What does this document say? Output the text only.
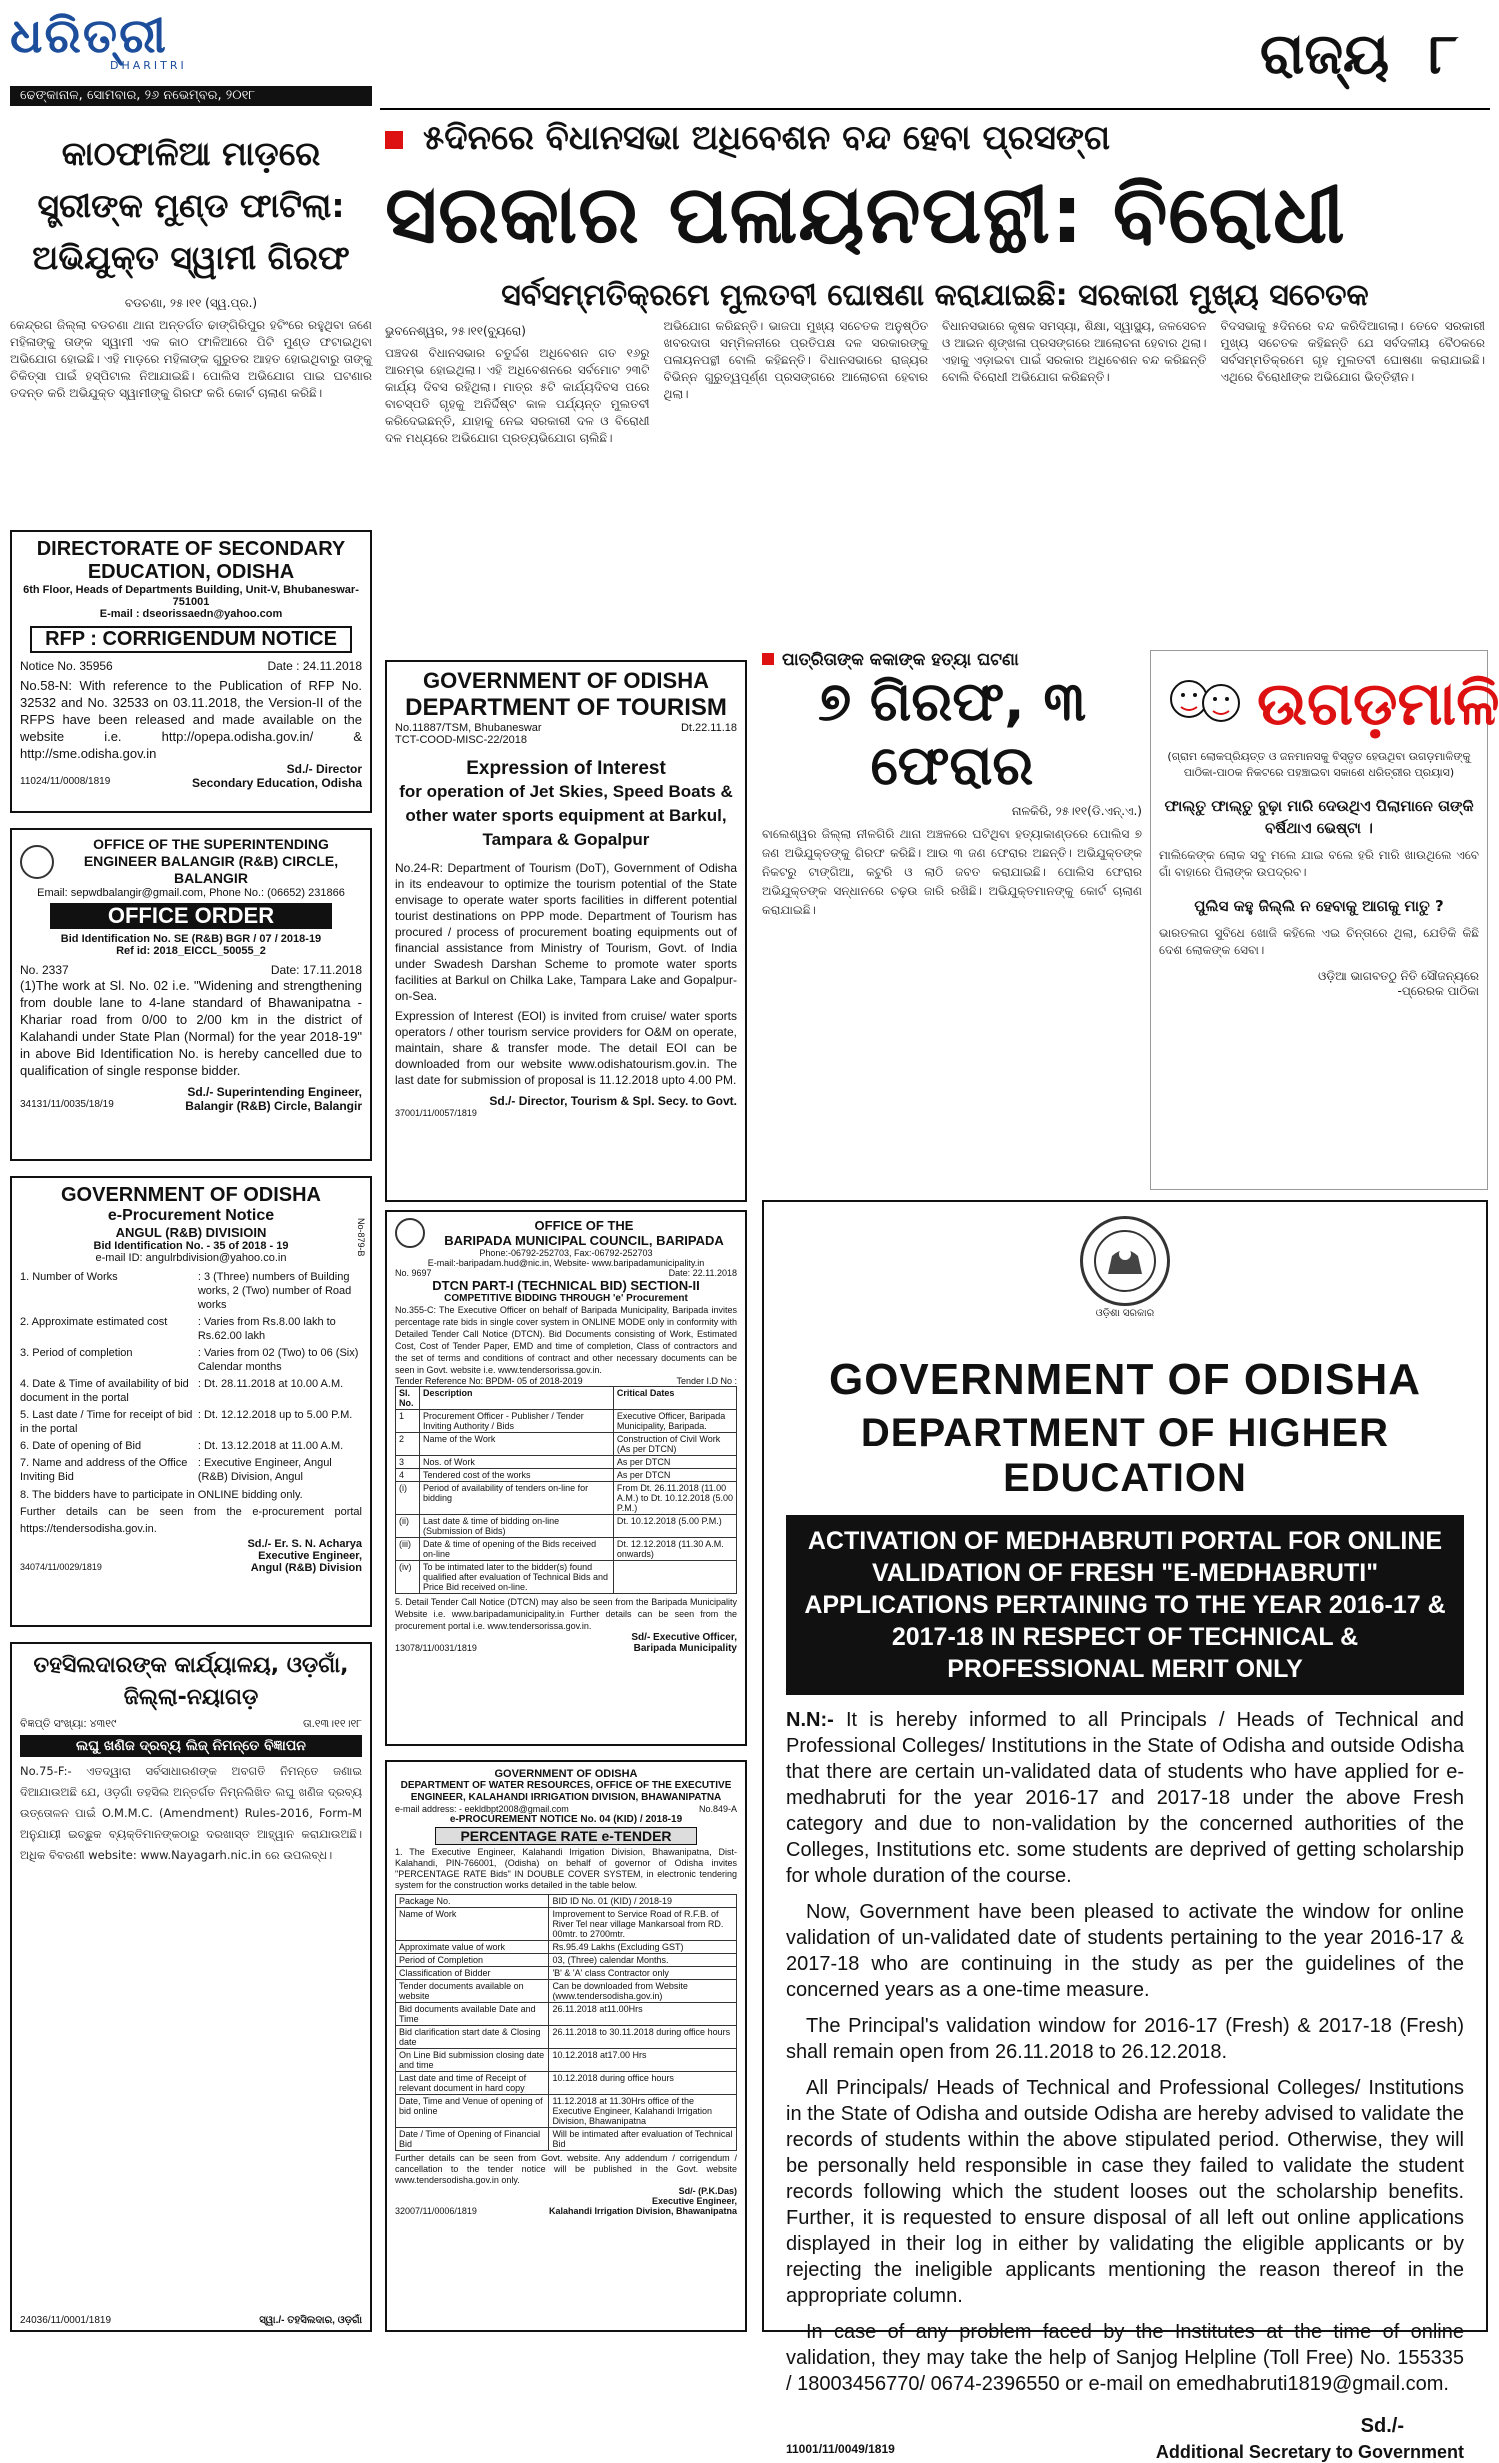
ଧରିତ୍ରୀ
DHARITRI
ଢେଙ୍କାନାଳ, ସୋମବାର, ୨୬ ନଭେମ୍ବର, ୨୦୧୮
ରାଜ୍ୟ ୮
କାଠଫାଳିଆ ମାଡ଼ରେ ସ୍ତ୍ରୀଙ୍କ ମୁଣ୍ଡ ଫାଟିଲା: ଅଭିଯୁକ୍ତ ସ୍ୱାମୀ ଗିରଫ
ବଡଚଣା, ୨୫।୧୧ (ସ୍ୱ.ପ୍ର.)
କେନ୍ଦ୍ରଗ ଜିଲ୍ଲା ବଡଚଣା ଥାନା ଅନ୍ତର୍ଗତ ଢାଙ୍ଗିରିପୁର ହଟିଂରେ ରହୁଥିବା ଜଣେ ମହିଳାଙ୍କୁ ତାଙ୍କ ସ୍ୱାମୀ ଏକ କାଠ ଫାଳିଆରେ ପିଟି ମୁଣ୍ଡ ଫଟାଇଥିବା ଅଭିଯୋଗ ହୋଇଛି। ଏହି ମାଡ଼ରେ ମହିଳାଙ୍କ ଗୁରୁତର ଆହତ ହୋଇଥିବାରୁ ତାଙ୍କୁ ଚିକିତ୍ସା ପାଇଁ ହସ୍ପିଟାଲ ନିଆଯାଇଛି। ପୋଲିସ ଅଭିଯୋଗ ପାଇ ଘଟଣାର ତଦନ୍ତ କରି ଅଭିଯୁକ୍ତ ସ୍ୱାମୀଙ୍କୁ ଗିରଫ କରି କୋର୍ଟ ଚାଲାଣ କରିଛି।
DIRECTORATE OF SECONDARY EDUCATION, ODISHA
6th Floor, Heads of Departments Building, Unit-V, Bhubaneswar-751001
E-mail : dseorissaedn@yahoo.com
RFP : CORRIGENDUM NOTICE
Notice No. 35956	Date : 24.11.2018
No.58-N: With reference to the Publication of RFP No. 32532 and No. 32533 on 03.11.2018, the Version-II of the RFPS have been released and made available on the website i.e. http://opepa.odisha.gov.in/ & http://sme.odisha.gov.in
Sd./- Director
11024/11/0008/1819	Secondary Education, Odisha
OFFICE OF THE SUPERINTENDING ENGINEER BALANGIR (R&B) CIRCLE, BALANGIR
Email: sepwdbalangir@gmail.com, Phone No.: (06652) 231866
OFFICE ORDER
Bid Identification No. SE (R&B) BGR / 07 / 2018-19
Ref id: 2018_EICCL_50055_2
No. 2337	Date: 17.11.2018
(1)The work at Sl. No. 02 i.e. "Widening and strengthening from double lane to 4-lane standard of Bhawanipatna - Khariar road from 0/00 to 2/00 km in the district of Kalahandi under State Plan (Normal) for the year 2018-19" in above Bid Identification No. is hereby cancelled due to qualification of single response bidder.
Sd./- Superintending Engineer,
34131/11/0035/18/19	Balangir (R&B) Circle, Balangir
GOVERNMENT OF ODISHA
e-Procurement Notice
ANGUL (R&B) DIVISIOIN
Bid Identification No. - 35 of 2018 - 19
e-mail ID: angulrbdivision@yahoo.co.in
No-879-B
1. Number of Works	: 3 (Three) numbers of Building works, 2 (Two) number of Road works
2. Approximate estimated cost	: Varies from Rs.8.00 lakh to Rs.62.00 lakh
3. Period of completion	: Varies from 02 (Two) to 06 (Six) Calendar months
4. Date & Time of availability of bid document in the portal
: Dt. 28.11.2018 at 10.00 A.M.
5. Last date / Time for receipt of bid in the portal
: Dt. 12.12.2018 up to 5.00 P.M.
6. Date of opening of Bid	: Dt. 13.12.2018 at 11.00 A.M.
7. Name and address of the Office Inviting Bid
: Executive Engineer, Angul (R&B) Division, Angul
8. The bidders have to participate in ONLINE bidding only.
Further details can be seen from the e-procurement portal https://tendersodisha.gov.in.
Sd./- Er. S. N. Acharya
Executive Engineer,
34074/11/0029/1819	Angul (R&B) Division
ତହସିଲଦାରଙ୍କ କାର୍ଯ୍ୟାଳୟ, ଓଡ଼ଗାଁ, ଜିଲ୍ଲା-ନୟାଗଡ଼
ବିଜ୍ଞପ୍ତି ସଂଖ୍ୟା: ୪୩୧୯	ତା.୧୩।୧୧।୧୮
ଲଘୁ ଖଣିଜ ଦ୍ରବ୍ୟ ଲିଜ୍ ନିମନ୍ତେ ବିଜ୍ଞାପନ
No.75-F:- ଏତଦ୍ୱାରା ସର୍ବସାଧାରଣଙ୍କ ଅବଗତି ନିମନ୍ତେ ଜଣାଇ ଦିଆଯାଉଅଛି ଯେ, ଓଡ଼ଗାଁ ତହସିଲ ଅନ୍ତର୍ଗତ ନିମ୍ନଲିଖିତ ଲଘୁ ଖଣିଜ ଦ୍ରବ୍ୟ ଉତ୍ତୋଳନ ପାଇଁ O.M.M.C. (Amendment) Rules-2016, Form-M ଅନୁଯାୟୀ ଇଚ୍ଛୁକ ବ୍ୟକ୍ତିମାନଙ୍କଠାରୁ ଦରଖାସ୍ତ ଆହ୍ୱାନ କରାଯାଉଅଛି। ଅଧିକ ବିବରଣୀ website: www.Nayagarh.nic.in ରେ ଉପଲବ୍ଧ।
24036/11/0001/1819	ସ୍ୱା./- ତହସିଲଦାର, ଓଡ଼ଗାଁ
୫ଦିନରେ ବିଧାନସଭା ଅଧିବେଶନ ବନ୍ଦ ହେବା ପ୍ରସଙ୍ଗ
ସରକାର ପଳାୟନପନ୍ଥୀ: ବିରୋଧୀ
ସର୍ବସମ୍ମତିକ୍ରମେ ମୁଲତବୀ ଘୋଷଣା କରାଯାଇଛି: ସରକାରୀ ମୁଖ୍ୟ ସଚେତକ
ଭୁବନେଶ୍ୱର, ୨୫।୧୧(ବ୍ୟୁରୋ)
ପଞ୍ଚଦଶ ବିଧାନସଭାର ଚତୁର୍ଦ୍ଦଶ ଅଧିବେଶନ ଗତ ୧୬ରୁ ଆରମ୍ଭ ହୋଇଥିଲା। ଏହି ଅଧିବେଶନରେ ସର୍ବମୋଟ ୨୩ଟି କାର୍ଯ୍ୟ ଦିବସ ରହିଥିଲା। ମାତ୍ର ୫ଟି କାର୍ଯ୍ୟଦିବସ ପରେ ବାଚସ୍ପତି ଗୃହକୁ ଅନିର୍ଦ୍ଦିଷ୍ଟ କାଳ ପର୍ଯ୍ୟନ୍ତ ମୁଲତବୀ କରିଦେଇଛନ୍ତି, ଯାହାକୁ ନେଇ ସରକାରୀ ଦଳ ଓ ବିରୋଧୀ ଦଳ ମଧ୍ୟରେ ଅଭିଯୋଗ ପ୍ରତ୍ୟଭିଯୋଗ ଚାଲିଛି।
ଅଭିଯୋଗ କରିଛନ୍ତି। ଭାଜପା ମୁଖ୍ୟ ସଚେତକ ଅନୁଷ୍ଠିତ ଖବରଦାତା ସମ୍ମିଳନୀରେ ପ୍ରତିପକ୍ଷ ଦଳ ସରକାରଙ୍କୁ ପଳାୟନପନ୍ଥୀ ବୋଲି କହିଛନ୍ତି। ବିଧାନସଭାରେ ରାଜ୍ୟର ବିଭିନ୍ନ ଗୁରୁତ୍ୱପୂର୍ଣ୍ଣ ପ୍ରସଙ୍ଗରେ ଆଲୋଚନା ହେବାର ଥିଲା।
ବିଧାନସଭାରେ କୃଷକ ସମସ୍ୟା, ଶିକ୍ଷା, ସ୍ୱାସ୍ଥ୍ୟ, ଜଳସେଚନ ଓ ଆଇନ ଶୃଙ୍ଖଳା ପ୍ରସଙ୍ଗରେ ଆଲୋଚନା ହେବାର ଥିଲା। ଏହାକୁ ଏଡ଼ାଇବା ପାଇଁ ସରକାର ଅଧିବେଶନ ବନ୍ଦ କରିଛନ୍ତି ବୋଲି ବିରୋଧୀ ଅଭିଯୋଗ କରିଛନ୍ତି।
ବିଦସଭାକୁ ୫ଦିନରେ ବନ୍ଦ କରିଦିଆଗଲା। ତେବେ ସରକାରୀ ମୁଖ୍ୟ ସଚେତକ କହିଛନ୍ତି ଯେ ସର୍ବଦଳୀୟ ବୈଠକରେ ସର୍ବସମ୍ମତିକ୍ରମେ ଗୃହ ମୁଲତବୀ ଘୋଷଣା କରାଯାଇଛି। ଏଥିରେ ବିରୋଧୀଙ୍କ ଅଭିଯୋଗ ଭିତ୍ତିହୀନ।
GOVERNMENT OF ODISHA
DEPARTMENT OF TOURISM
No.11887/TSM, Bhubaneswar	Dt.22.11.18
TCT-COOD-MISC-22/2018
Expression of Interest
for operation of Jet Skies, Speed Boats & other water sports equipment at Barkul, Tampara & Gopalpur
No.24-R: Department of Tourism (DoT), Government of Odisha in its endeavour to optimize the tourism potential of the State envisage to operate water sports facilities in different potential tourist destinations on PPP mode. Department of Tourism has procured / process of procurement boating equipments out of financial assistance from Ministry of Tourism, Govt. of India under Swadesh Darshan Scheme to promote water sports facilities at Barkul on Chilka Lake, Tampara Lake and Gopalpur-on-Sea.
Expression of Interest (EOI) is invited from cruise/ water sports operators / other tourism service providers for O&M on operate, maintain, share & transfer mode. The detail EOI can be downloaded from our website www.odishatourism.gov.in. The last date for submission of proposal is 11.12.2018 upto 4.00 PM.
Sd./- Director, Tourism & Spl. Secy. to Govt.
37001/11/0057/1819
ପାତ୍ରିତାଙ୍କ କକାଙ୍କ ହତ୍ୟା ଘଟଣା
୭ ଗିରଫ, ୩ ଫେରାର
ନାଳକିରି, ୨୫।୧୧(ଡି.ଏନ୍.ଏ.)
ବାଲେଶ୍ୱର ଜିଲ୍ଲା ନୀଳଗିରି ଥାନା ଅଞ୍ଚଳରେ ଘଟିଥିବା ହତ୍ୟାକାଣ୍ଡରେ ପୋଲିସ ୭ ଜଣ ଅଭିଯୁକ୍ତଙ୍କୁ ଗିରଫ କରିଛି। ଆଉ ୩ ଜଣ ଫେରାର ଅଛନ୍ତି। ଅଭିଯୁକ୍ତଙ୍କ ନିକଟରୁ ଟାଙ୍ଗିଆ, କଟୁରି ଓ ଲାଠି ଜବତ କରାଯାଇଛି। ପୋଲିସ ଫେରାର ଅଭିଯୁକ୍ତଙ୍କ ସନ୍ଧାନରେ ଚଢ଼ଉ ଜାରି ରଖିଛି। ଅଭିଯୁକ୍ତମାନଙ୍କୁ କୋର୍ଟ ଚାଲାଣ କରାଯାଇଛି।
ଉଗଡ଼ମାଳି
(ଗ୍ରାମ ଲୋକପ୍ରିୟତ୍ତ ଓ ଜନମାନସକୁ ବିସ୍ତୃତ ହେଉଥିବା ଉଗଡ଼ମାଳିଙ୍କୁ ପାଠିକା-ପାଠକ ନିକଟରେ ପହଞ୍ଚାଇବା ସକାଶେ ଧରିତ୍ରୀର ପ୍ରୟାସ)
ଫାଲ୍‌ତୁ ଫାଲ୍‌ତୁ ବୁଢ଼ା ମାରି ଦେଉଥିଏ ପିଲାମାନେ ତାଙ୍କି ବର୍ଷିଥାଏ ଭେଷ୍ଟା ।
ମାଲିକେଙ୍କ ଲୋକ ସବୁ ମଲେ ଯାଇ ବଲେ ହରି ମାରି ଖାଉଥିଲେ ଏବେ ଗାଁ ବାହାରେ ପିଲାଙ୍କ ଉପଦ୍ରବ।
ପୁଲିସ କହୁ ଜିଲ୍ଲି ନ ହେବାକୁ ଆଗକୁ ମାତୁ ?
ଭାରତଲଗ ସୁବିଧେ ଖୋଜି କହିଲେ ଏଇ ଚିନ୍ତାରେ ଥିଲା, ଯେତିକି କିଛି ଦେଶ ଲୋକଙ୍କ ସେବା।
ଓଡ଼ିଆ ଭାଗବତଠୁ ନିତି ସୌଜନ୍ୟରେ
-ପ୍ରେରକ ପାଠିକା
OFFICE OF THE
BARIPADA MUNICIPAL COUNCIL, BARIPADA
Phone:-06792-252703, Fax:-06792-252703
E-mail:-baripadam.hud@nic.in, Website- www.baripadamunicipality.in
No. 9697	Date: 22.11.2018
DTCN PART-I (TECHNICAL BID) SECTION-II
COMPETITIVE BIDDING THROUGH 'e' Procurement
No.355-C: The Executive Officer on behalf of Baripada Municipality, Baripada invites percentage rate bids in single cover system in ONLINE MODE only in conformity with Detailed Tender Call Notice (DTCN). Bid Documents consisting of Work, Estimated Cost, Cost of Tender Paper, EMD and time of completion, Class of contractors and the set of terms and conditions of contract and other necessary documents can be seen in Govt. website i.e. www.tendersorissa.gov.in.
Tender Reference No: BPDM- 05 of 2018-2019	Tender I.D No :
Sl. No.	Description	Critical Dates
1	Procurement Officer - Publisher / Tender Inviting Authority / Bids	Executive Officer, Baripada Municipality, Baripada.
2	Name of the Work	Construction of Civil Work (As per DTCN)
3	Nos. of Work	As per DTCN
4	Tendered cost of the works	As per DTCN
(i)	Period of availability of tenders on-line for bidding	From Dt. 26.11.2018 (11.00 A.M.) to Dt. 10.12.2018 (5.00 P.M.)
(ii)	Last date & time of bidding on-line (Submission of Bids)	Dt. 10.12.2018 (5.00 P.M.)
(iii)	Date & time of opening of the Bids received on-line	Dt. 12.12.2018 (11.30 A.M. onwards)
(iv)	To be intimated later to the bidder(s) found qualified after evaluation of Technical Bids and Price Bid received on-line.	
5. Detail Tender Call Notice (DTCN) may also be seen from the Baripada Municipality Website i.e. www.baripadamunicipality.in Further details can be seen from the procurement portal i.e. www.tendersorissa.gov.in.
Sd/- Executive Officer,
13078/11/0031/1819	Baripada Municipality
GOVERNMENT OF ODISHA
DEPARTMENT OF WATER RESOURCES, OFFICE OF THE EXECUTIVE ENGINEER, KALAHANDI IRRIGATION DIVISION, BHAWANIPATNA
e-mail address: - eekldbpt2008@gmail.com	No.849-A
e-PROCUREMENT NOTICE No. 04 (KID) / 2018-19
PERCENTAGE RATE e-TENDER
1. The Executive Engineer, Kalahandi Irrigation Division, Bhawanipatna, Dist-Kalahandi, PIN-766001, (Odisha) on behalf of governor of Odisha invites "PERCENTAGE RATE Bids" IN DOUBLE COVER SYSTEM, in electronic tendering system for the construction works detailed in the table below.
Package No.	BID ID No. 01 (KID) / 2018-19
Name of Work	Improvement to Service Road of R.F.B. of River Tel near village Mankarsoal from RD. 00mtr. to 2700mtr.
Approximate value of work	Rs.95.49 Lakhs (Excluding GST)
Period of Completion	03, (Three) calendar Months.
Classification of Bidder	'B' & 'A' class Contractor only
Tender documents available on website	Can be downloaded from Website (www.tendersodisha.gov.in)
Bid documents available Date and Time	26.11.2018 at11.00Hrs
Bid clarification start date & Closing date	26.11.2018 to 30.11.2018 during office hours
On Line Bid submission closing date and time	10.12.2018 at17.00 Hrs
Last date and time of Receipt of relevant document in hard copy	10.12.2018 during office hours
Date, Time and Venue of opening of bid online	11.12.2018 at 11.30Hrs office of the Executive Engineer, Kalahandi Irrigation Division, Bhawanipatna
Date / Time of Opening of Financial Bid	Will be intimated after evaluation of Technical Bid
Further details can be seen from Govt. website. Any addendum / corrigendum / cancellation to the tender notice will be published in the Govt. website www.tendersodisha.gov.in only.
Sd/- (P.K.Das)
Executive Engineer,
32007/11/0006/1819	Kalahandi Irrigation Division, Bhawanipatna
ଓଡ଼ିଶା ସରକାର
GOVERNMENT OF ODISHA
DEPARTMENT OF HIGHER EDUCATION
ACTIVATION OF MEDHABRUTI PORTAL FOR ONLINE VALIDATION OF FRESH "E-MEDHABRUTI" APPLICATIONS PERTAINING TO THE YEAR 2016-17 & 2017-18 IN RESPECT OF TECHNICAL & PROFESSIONAL MERIT ONLY
N.N:- It is hereby informed to all Principals / Heads of Technical and Professional Colleges/ Institutions in the State of Odisha and outside Odisha that there are certain un-validated data of students who have applied for e-medhabruti for the year 2016-17 and 2017-18 under the above Fresh category and due to non-validation by the concerned authorities of the Colleges, Institutions etc. some students are deprived of getting scholarship for whole duration of the course.
Now, Government have been pleased to activate the window for online validation of un-validated date of students pertaining to the year 2016-17 & 2017-18 who are continuing in the study as per the guidelines of the concerned years as a one-time measure.
The Principal's validation window for 2016-17 (Fresh) & 2017-18 (Fresh) shall remain open from 26.11.2018 to 26.12.2018.
All Principals/ Heads of Technical and Professional Colleges/ Institutions in the State of Odisha and outside Odisha are hereby advised to validate the records of students within the above stipulated period. Otherwise, they will be personally held responsible in case they failed to validate the student records following which the student looses out the scholarship benefits. Further, it is requested to ensure disposal of all left out online applications displayed in their log in either by validating the eligible applicants or by rejecting the ineligible applicants mentioning the reason thereof in the appropriate column.
In case of any problem faced by the Institutes at the time of online validation, they may take the help of Sanjog Helpline (Toll Free) No. 155335 / 18003456770/ 0674-2396550 or e-mail on emedhabruti1819@gmail.com.
Sd./-
11001/11/0049/1819	Additional Secretary to Government
